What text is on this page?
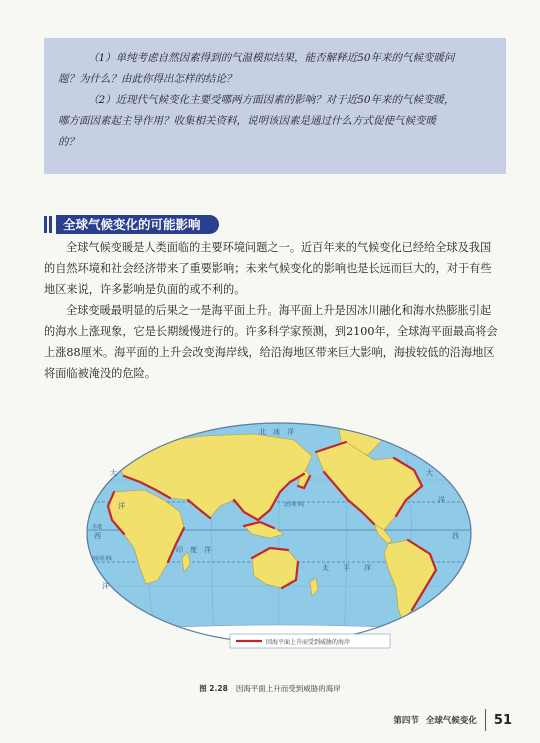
（1）单纯考虑自然因素得到的气温模拟结果，能否解释近50年来的气候变暖问

题？为什么？由此你得出怎样的结论？

（2）近现代气候变化主要受哪两方面因素的影响？对于近50年来的气候变暖，

哪方面因素起主导作用？收集相关资料，说明该因素是通过什么方式促使气候变暖

的？

全球气候变化的可能影响

全球气候变暖是人类面临的主要环境问题之一。近百年来的气候变化已经给全球及我国的自然环境和社会经济带来了重要影响；未来气候变化的影响也是长远而巨大的，对于有些地区来说，许多影响是负面的或不利的。

全球变暖最明显的后果之一是海平面上升。海平面上升是因冰川融化和海水热膨胀引起的海水上涨现象，它是长期缓慢进行的。许多科学家预测，到2100年，全球海平面最高将会上涨88厘米。海平面的上升会改变海岸线，给沿海地区带来巨大影响，海拔较低的沿海地区将面临被淹没的危险。

北　冰　洋
大
洋
大
洋
西
洋
西
印　度　洋
太　　平　　洋
北回归线
南回归线
赤道
因海平面上升而受到威胁的海岸
图 2.28 因海平面上升而受到威胁的海岸
第四节 全球气候变化 51
